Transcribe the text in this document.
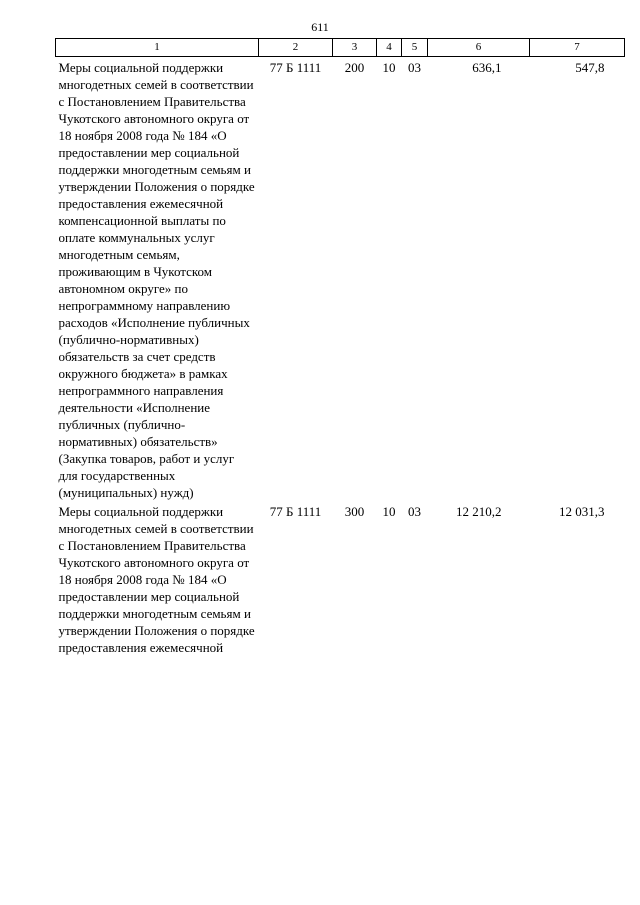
611
1	2	3	4	5	6	7
Меры социальной поддержки многодетных семей в соответствии с Постановлением Правительства Чукотского автономного округа от 18 ноября 2008 года № 184 «О предоставлении мер социальной поддержки многодетным семьям и утверждении Положения о порядке предоставления ежемесячной компенсационной выплаты по оплате коммунальных услуг многодетным семьям, проживающим в Чукотском автономном округе» по непрограммному направлению расходов «Исполнение публичных (публично-нормативных) обязательств за счет средств окружного бюджета» в рамках непрограммного направления деятельности «Исполнение публичных (публично-нормативных) обязательств» (Закупка товаров, работ и услуг для государственных (муниципальных) нужд)	77 Б 1111	200	10	03	636,1	547,8
Меры социальной поддержки многодетных семей в соответствии с Постановлением Правительства Чукотского автономного округа от 18 ноября 2008 года № 184 «О предоставлении мер социальной поддержки многодетным семьям и утверждении Положения о порядке предоставления ежемесячной	77 Б 1111	300	10	03	12 210,2	12 031,3
